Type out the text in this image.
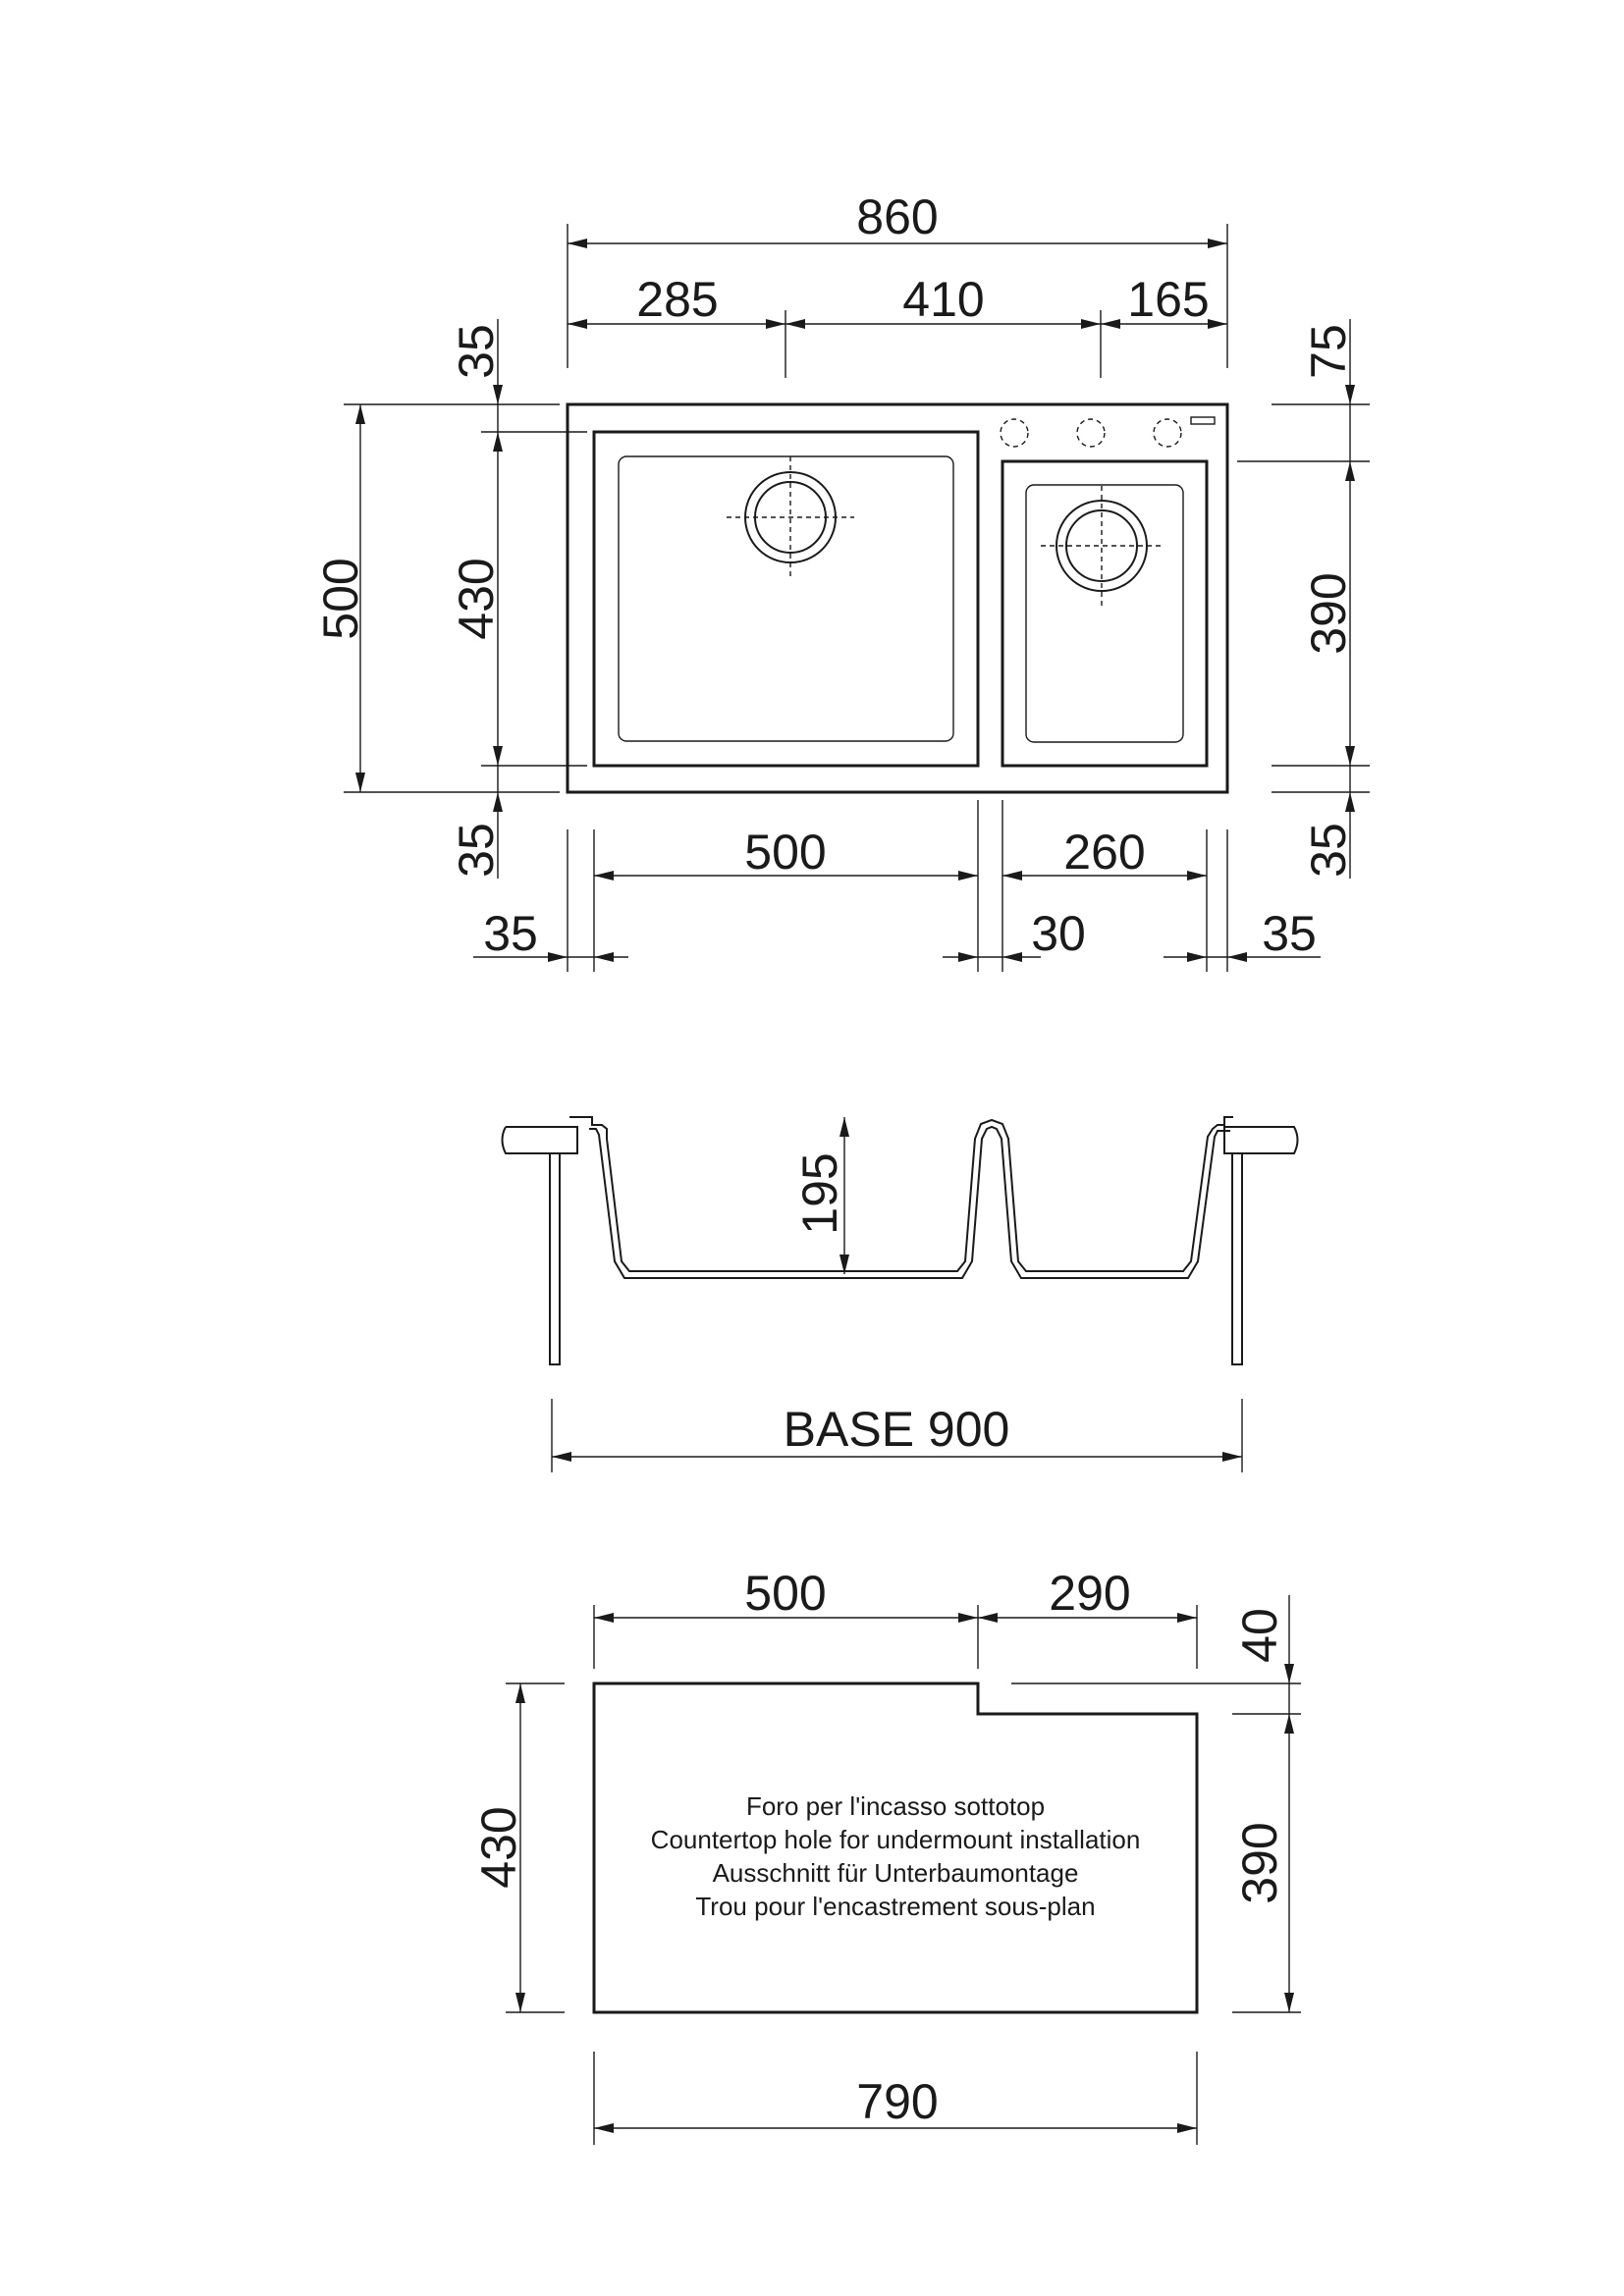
860
285	410	165
500
35
430
35
75
390
35
500	260
35	30	35
195
BASE 900
500	290
430
40
390
Foro per l'incasso sottotop
Countertop hole for undermount installation
Ausschnitt für Unterbaumontage
Trou pour l'encastrement sous-plan
790
